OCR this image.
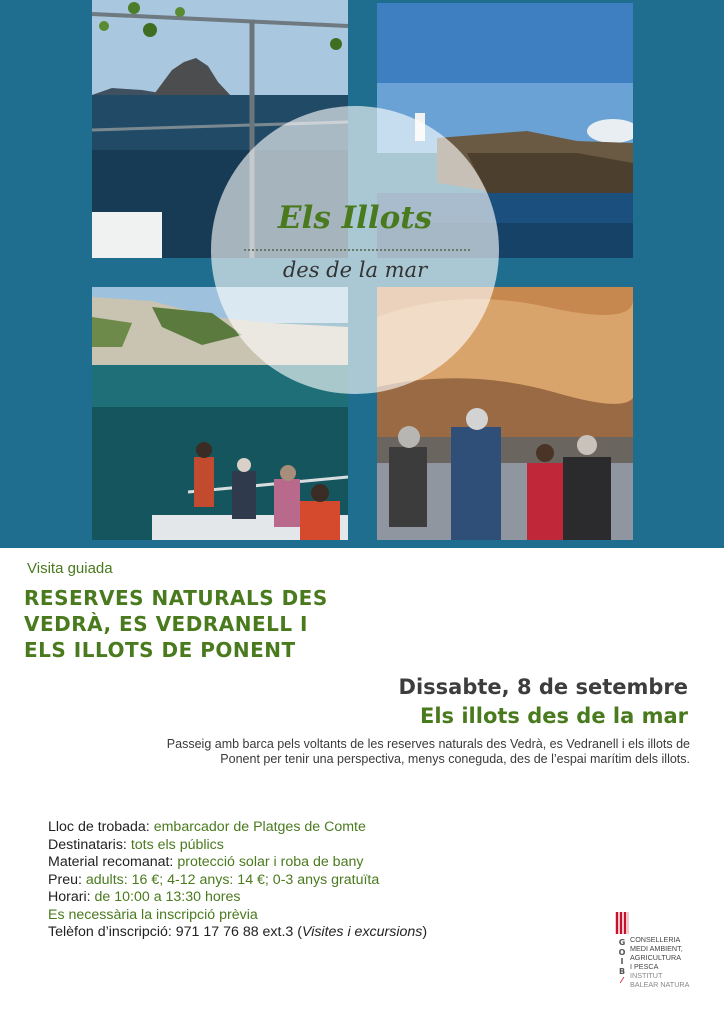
Els Illots
des de la mar
Visita guiada
RESERVES NATURALS DES
VEDRÀ, ES VEDRANELL I
ELS ILLOTS DE PONENT
Dissabte, 8 de setembre
Els illots des de la mar
Passeig amb barca pels voltants de les reserves naturals des Vedrà, es Vedranell i els illots de
Ponent per tenir una perspectiva, menys coneguda, des de l’espai marítim dels illots.
Lloc de trobada: embarcador de Platges de Comte
Destinataris: tots els públics
Material recomanat: protecció solar i roba de bany
Preu: adults: 16 €; 4-12 anys: 14 €; 0-3 anys gratuïta
Horari: de 10:00 a 13:30 hores
Es necessària la inscripció prèvia
Telèfon d’inscripció: 971 17 76 88 ext.3 (Visites i excursions)
G
O
I
B
⁄
CONSELLERIA
MEDI AMBIENT,
AGRICULTURA
I PESCA
INSTITUT
BALEAR NATURA
